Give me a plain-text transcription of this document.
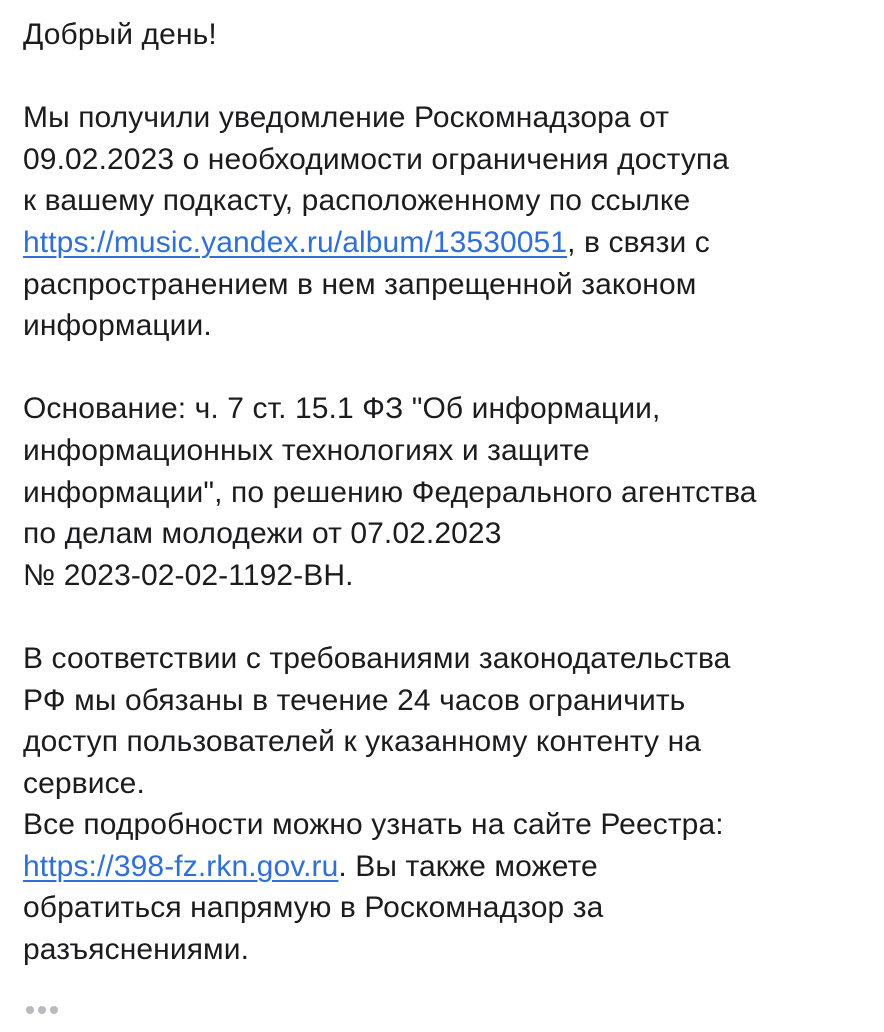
Добрый день!
Мы получили уведомление Роскомнадзора от
09.02.2023 о необходимости ограничения доступа
к вашему подкасту, расположенному по ссылке
https://music.yandex.ru/album/13530051, в связи с
распространением в нем запрещенной законом
информации.
Основание: ч. 7 ст. 15.1 ФЗ "Об информации,
информационных технологиях и защите
информации", по решению Федерального агентства
по делам молодежи от 07.02.2023
№ 2023-02-02-1192-ВН.
В соответствии с требованиями законодательства
РФ мы обязаны в течение 24 часов ограничить
доступ пользователей к указанному контенту на
сервисе.
Все подробности можно узнать на сайте Реестра:
https://398-fz.rkn.gov.ru. Вы также можете
обратиться напрямую в Роскомнадзор за
разъяснениями.
